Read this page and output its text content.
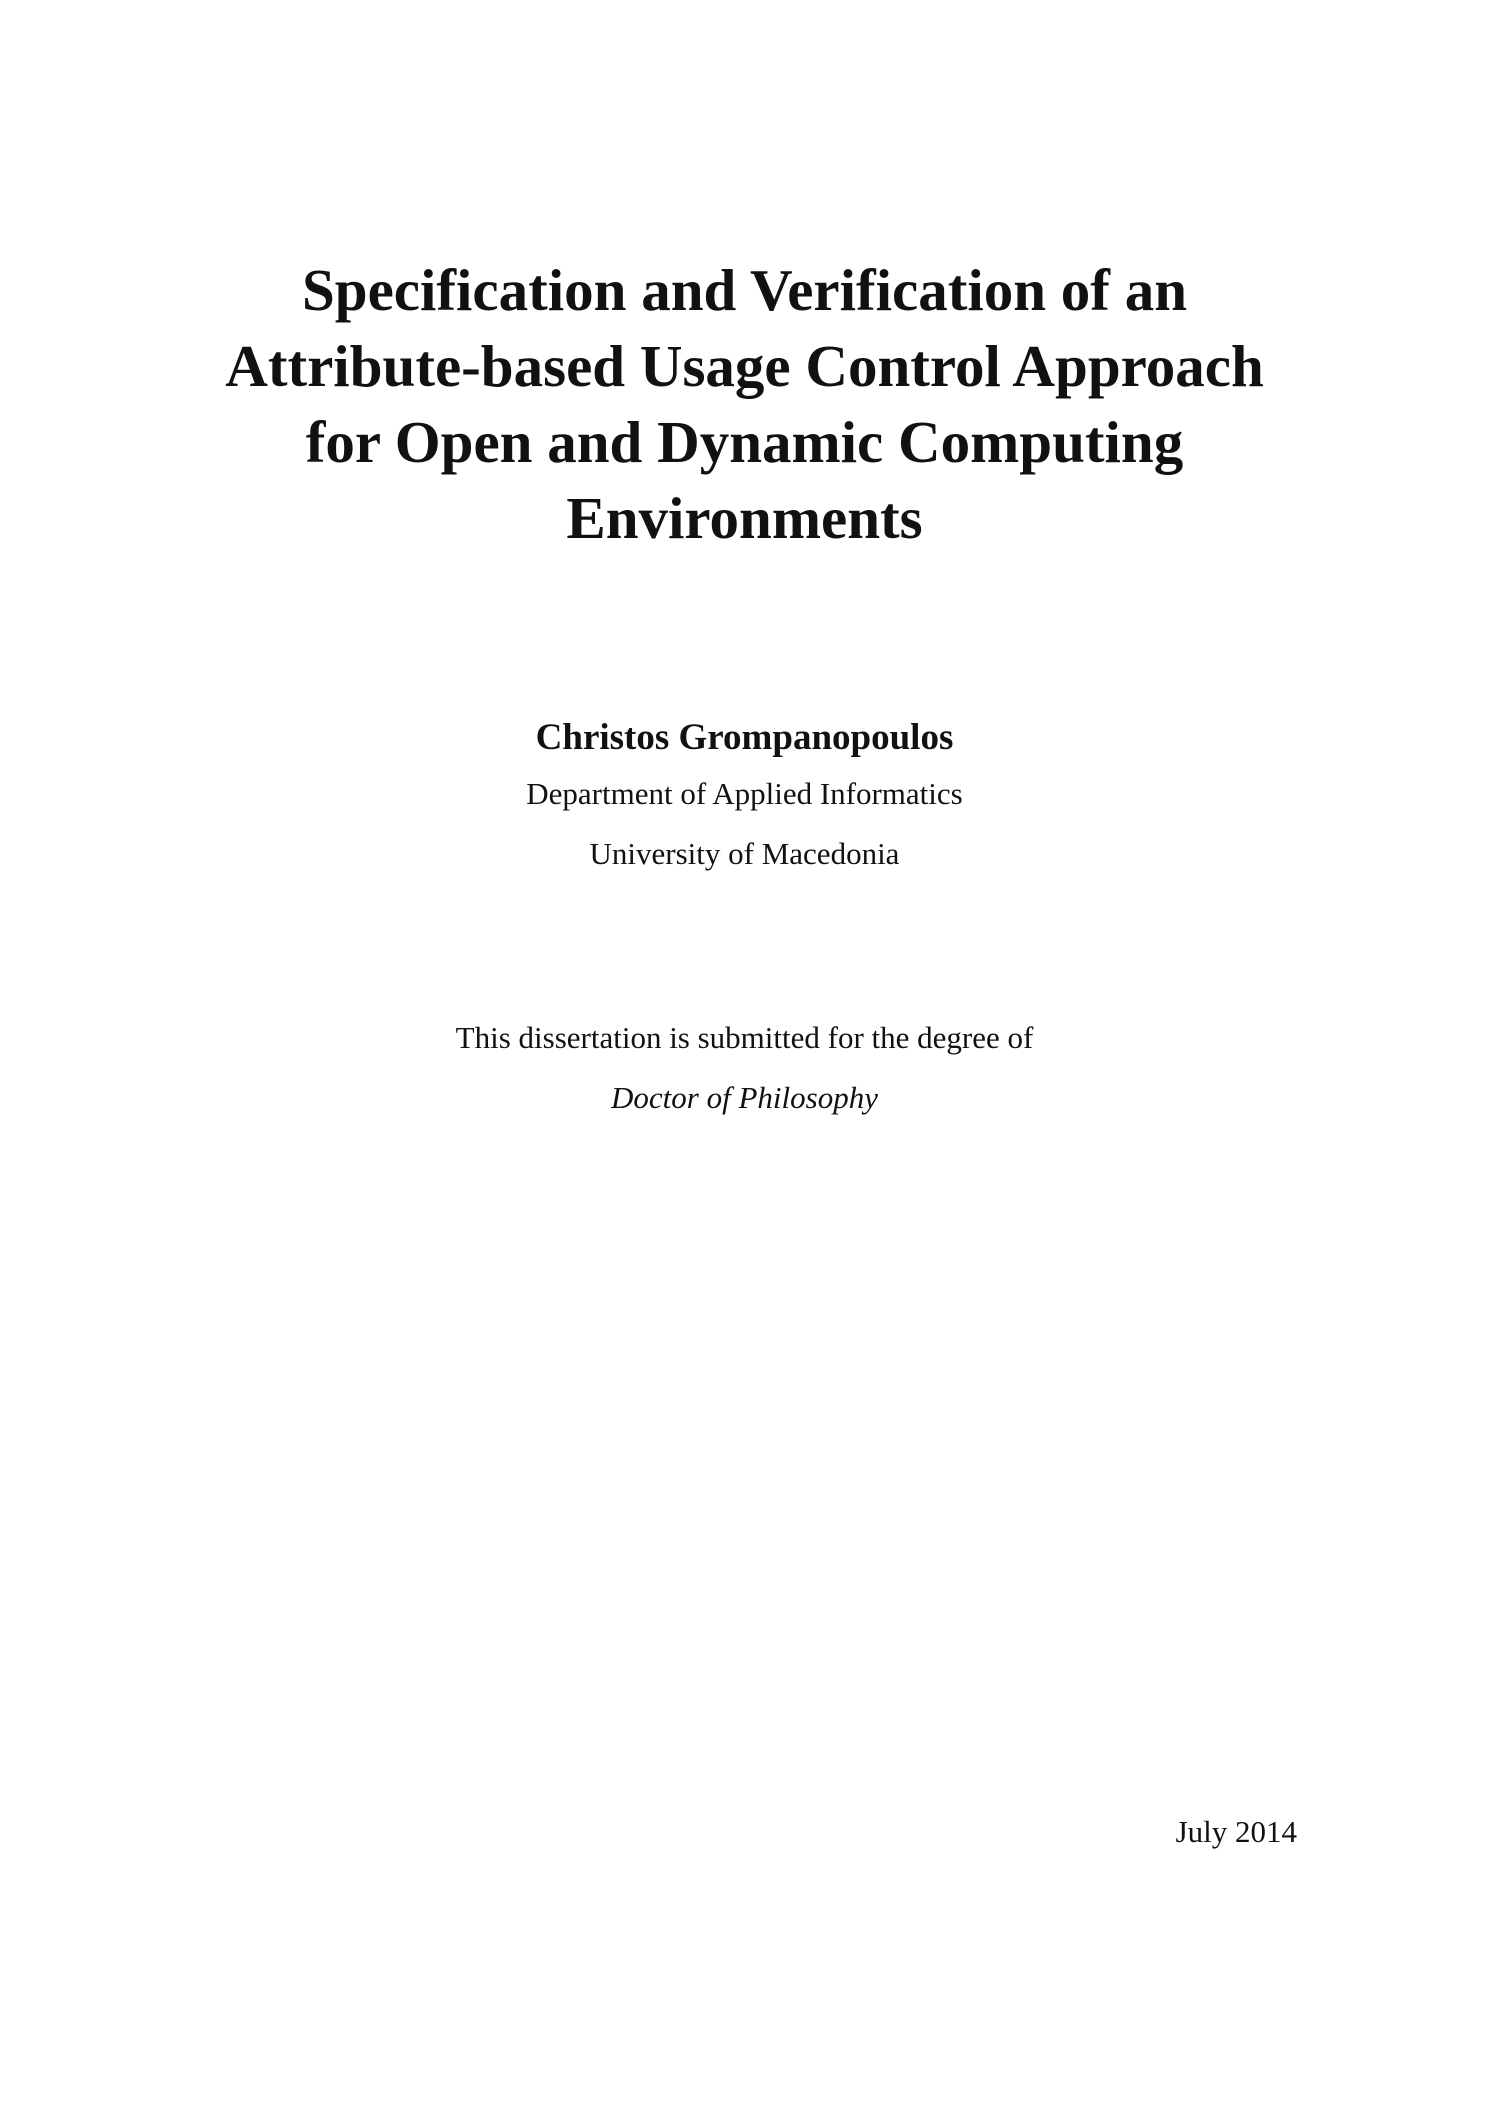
Specification and Verification of an
Attribute-based Usage Control Approach
for Open and Dynamic Computing
Environments

Christos Grompanopoulos

Department of Applied Informatics

University of Macedonia

This dissertation is submitted for the degree of

Doctor of Philosophy

July 2014
